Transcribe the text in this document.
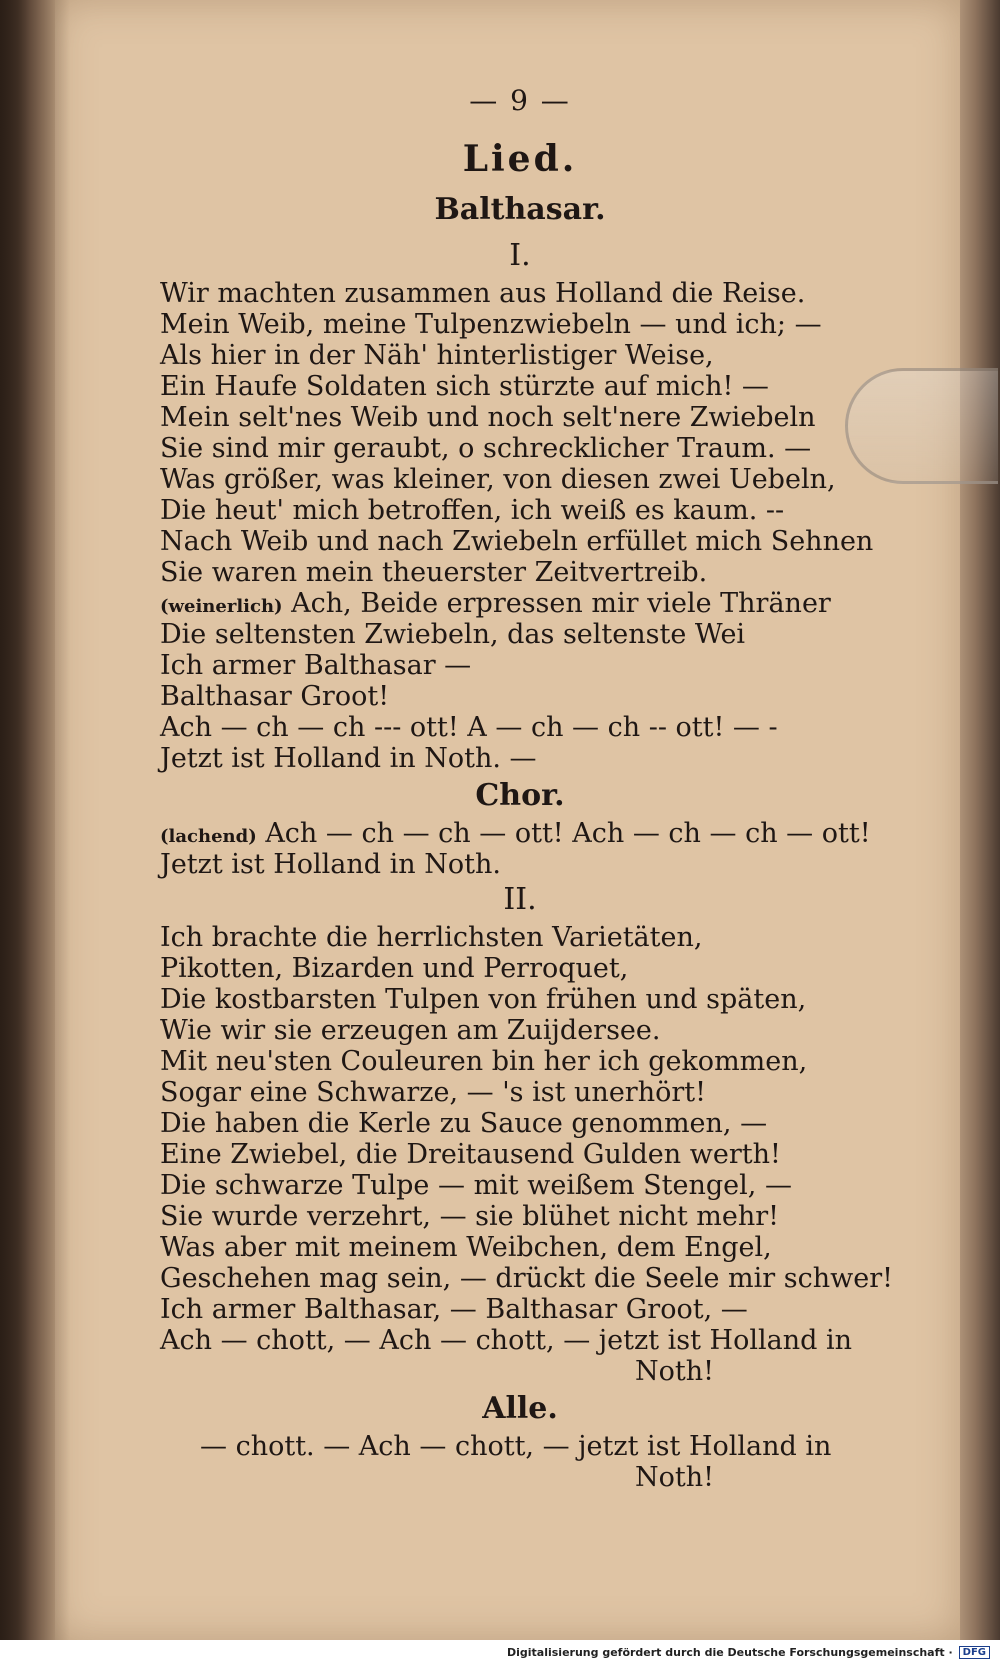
— 9 —
Lied.
Balthasar.
I.
Wir machten zusammen aus Holland die Reise.
Mein Weib, meine Tulpenzwiebeln — und ich; —
Als hier in der Näh' hinterlistiger Weise,
Ein Haufe Soldaten sich stürzte auf mich! —
Mein selt'nes Weib und noch selt'nere Zwiebeln
Sie sind mir geraubt, o schrecklicher Traum. —
Was größer, was kleiner, von diesen zwei Uebeln,
Die heut' mich betroffen, ich weiß es kaum. --
Nach Weib und nach Zwiebeln erfüllet mich Sehnen
Sie waren mein theuerster Zeitvertreib.
(weinerlich) Ach, Beide erpressen mir viele Thräner
Die seltensten Zwiebeln, das seltenste Wei
Ich armer Balthasar —
Balthasar Groot!
Ach — ch — ch --- ott! A — ch — ch -- ott! — -
Jetzt ist Holland in Noth. —
Chor.
(lachend) Ach — ch — ch — ott! Ach — ch — ch — ott!
Jetzt ist Holland in Noth.
II.
Ich brachte die herrlichsten Varietäten,
Pikotten, Bizarden und Perroquet,
Die kostbarsten Tulpen von frühen und späten,
Wie wir sie erzeugen am Zuijdersee.
Mit neu'sten Couleuren bin her ich gekommen,
Sogar eine Schwarze, — 's ist unerhört!
Die haben die Kerle zu Sauce genommen, —
Eine Zwiebel, die Dreitausend Gulden werth!
Die schwarze Tulpe — mit weißem Stengel, —
Sie wurde verzehrt, — sie blühet nicht mehr!
Was aber mit meinem Weibchen, dem Engel,
Geschehen mag sein, — drückt die Seele mir schwer!
Ich armer Balthasar, — Balthasar Groot, —
Ach — chott, — Ach — chott, — jetzt ist Holland in
Noth!
Alle.
— chott. — Ach — chott, — jetzt ist Holland in
Noth!
Digitalisierung gefördert durch die Deutsche Forschungsgemeinschaft ·	DFG
